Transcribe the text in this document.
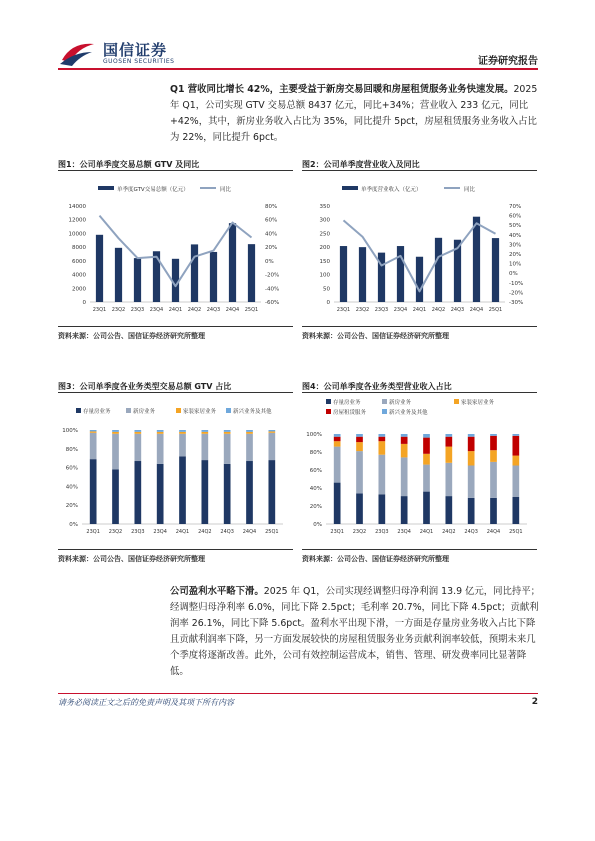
国信证券
GUOSEN SECURITIES	证券研究报告
Q1 营收同比增长 42%，主要受益于新房交易回暖和房屋租赁服务业务快速发展。2025 年 Q1，公司实现 GTV 交易总额 8437 亿元，同比+34%；营业收入 233 亿元，同比+42%，其中，新房业务收入占比为 35%，同比提升 5pct，房屋租赁服务业务收入占比为 22%，同比提升 6pct。
图1：公司单季度交易总额 GTV 及同比
单季度GTV交易总额（亿元）	同比
0
2000
4000
6000
8000
10000
12000
14000
-60%
-40%
-20%
0%
20%
40%
60%
80%
23Q1 23Q2 23Q3 23Q4 24Q1 24Q2 24Q3 24Q4 25Q1
资料来源：公司公告、国信证券经济研究所整理
图2：公司单季度营业收入及同比
单季度营业收入（亿元）	同比
0
50
100
150
200
250
300
350
-30%
-20%
-10%
0%
10%
20%
30%
40%
50%
60%
70%
23Q1 23Q2 23Q3 23Q4 24Q1 24Q2 24Q3 24Q4 25Q1
资料来源：公司公告、国信证券经济研究所整理
图3：公司单季度各业务类型交易总额 GTV 占比
存量房业务	新房业务	家装家居业务	新兴业务及其他
0%
20%
40%
60%
80%
100%
23Q1 23Q2 23Q3 23Q4 24Q1 24Q2 24Q3 24Q4 25Q1
资料来源：公司公告、国信证券经济研究所整理
图4：公司单季度各业务类型营业收入占比
存量房业务	新房业务	家装家居业务
房屋租赁服务	新兴业务及其他
0%
20%
40%
60%
80%
100%
23Q1 23Q2 23Q3 23Q4 24Q1 24Q2 24Q3 24Q4 25Q1
资料来源：公司公告、国信证券经济研究所整理
公司盈利水平略下滑。2025 年 Q1，公司实现经调整归母净利润 13.9 亿元，同比持平；经调整归母净利率 6.0%，同比下降 2.5pct；毛利率 20.7%，同比下降 4.5pct；贡献利润率 26.1%，同比下降 5.6pct。盈利水平出现下滑，一方面是存量房业务收入占比下降且贡献利润率下降，另一方面发展较快的房屋租赁服务业务贡献利润率较低，预期未来几个季度将逐渐改善。此外，公司有效控制运营成本，销售、管理、研发费率同比显著降低。
请务必阅读正文之后的免责声明及其项下所有内容	2
